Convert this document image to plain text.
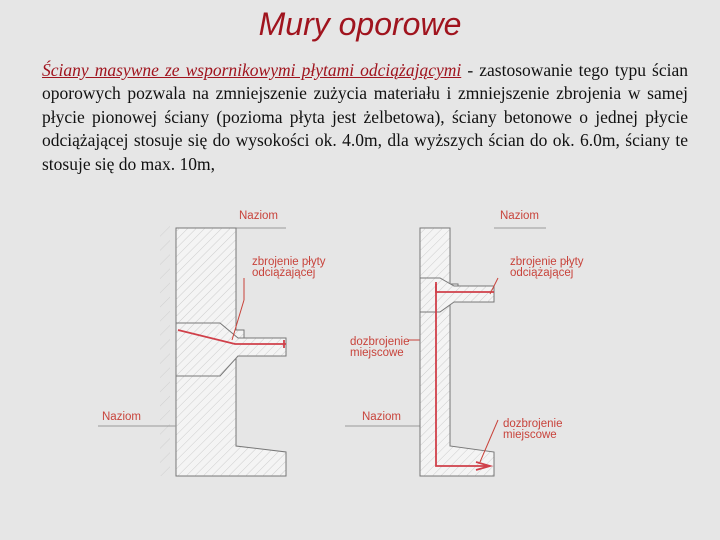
Mury oporowe
Ściany masywne ze wspornikowymi płytami odciążającymi - zastosowanie tego typu ścian oporowych pozwala na zmniejszenie zużycia materiału i zmniejszenie zbrojenia w samej płycie pionowej ściany (pozioma płyta jest żelbetowa), ściany betonowe o jednej płycie odciążającej stosuje się do wysokości ok. 4.0m, dla wyższych ścian do ok. 6.0m, ściany te stosuje się do max. 10m,
Naziom
zbrojenie płyty
odciążającej
Naziom
dozbrojenie
miejscowe
Naziom
Naziom
zbrojenie płyty
odciążającej
dozbrojenie
miejscowe
